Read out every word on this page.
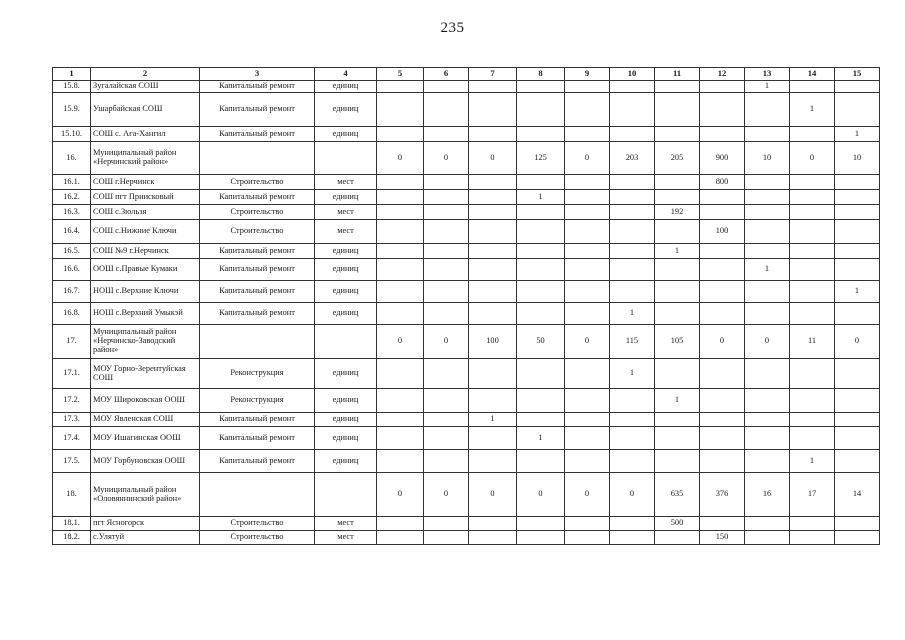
235
1	2	3	4	5	6	7	8	9	10	11	12	13	14	15
15.8.	Зугалайская СОШ	Капитальный ремонт	единиц									1		
15.9.	Ушарбайская СОШ	Капитальный ремонт	единиц										1	
15.10.	СОШ с. Ага-Хангил	Капитальный ремонт	единиц											1
16.	Муниципальный район «Нерчинский район»			0	0	0	125	0	203	205	900	10	0	10
16.1.	СОШ г.Нерчинск	Строительство	мест								800			
16.2.	СОШ пгт Приисковый	Капитальный ремонт	единиц				1							
16.3.	СОШ с.Зюльзя	Строительство	мест							192				
16.4.	СОШ с.Нижние Ключи	Строительство	мест								100			
16.5.	СОШ №9 г.Нерчинск	Капитальный ремонт	единиц							1				
16.6.	ООШ с.Правые Кумаки	Капитальный ремонт	единиц									1		
16.7.	НОШ с.Верхние Ключи	Капитальный ремонт	единиц											1
16.8.	НОШ с.Верхний Умыкэй	Капитальный ремонт	единиц						1					
17.	Муниципальный район «Нерчинско-Заводский район»			0	0	100	50	0	115	105	0	0	11	0
17.1.	МОУ Горно-Зерентуйская СОШ	Реконструкция	единиц						1					
17.2.	МОУ Широковская ООШ	Реконструкция	единиц							1				
17.3.	МОУ Явленская СОШ	Капитальный ремонт	единиц			1								
17.4.	МОУ Ишагинская ООШ	Капитальный ремонт	единиц				1							
17.5.	МОУ Горбуновская ООШ	Капитальный ремонт	единиц										1	
18.	Муниципальный район «Оловяннинский район»			0	0	0	0	0	0	635	376	16	17	14
18.1.	пгт Ясногорск	Строительство	мест							500				
18.2.	с.Улятуй	Строительство	мест								150			
